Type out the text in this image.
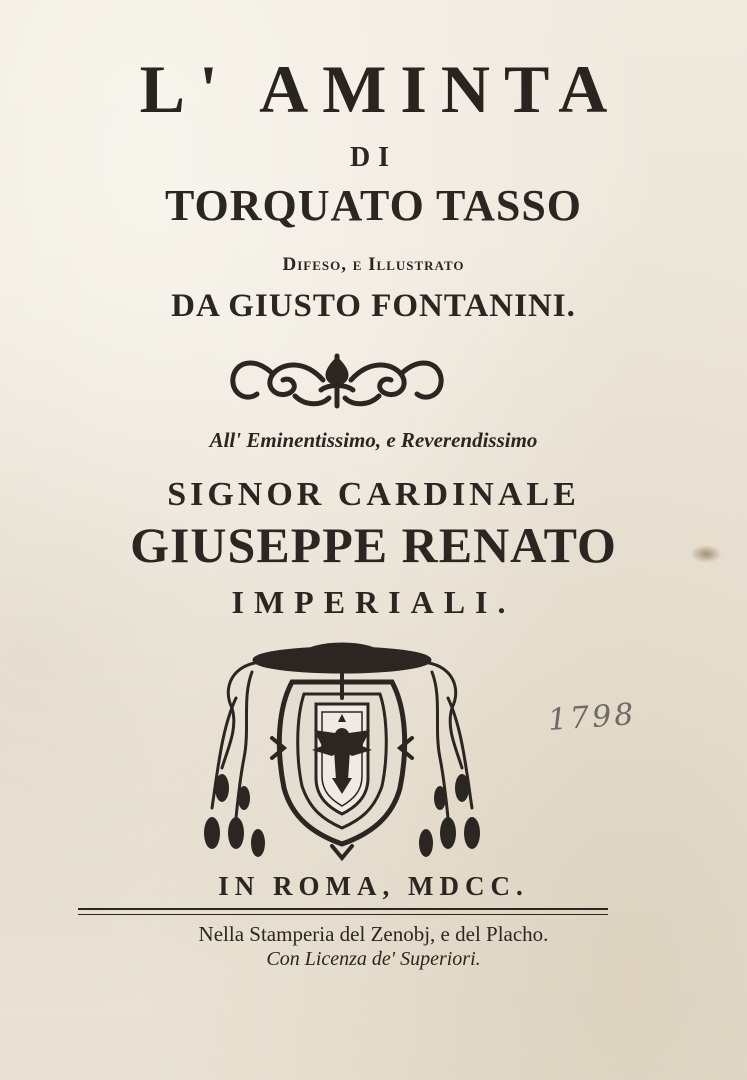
L' AMINTA
DI
TORQUATO TASSO
Difeso, e Illustrato
DA GIUSTO FONTANINI.
All' Eminentissimo, e Reverendissimo
SIGNOR CARDINALE
GIUSEPPE RENATO
IMPERIALI.
1798
IN ROMA, MDCC.
Nella Stamperia del Zenobj, e del Placho.
Con Licenza de' Superiori.
